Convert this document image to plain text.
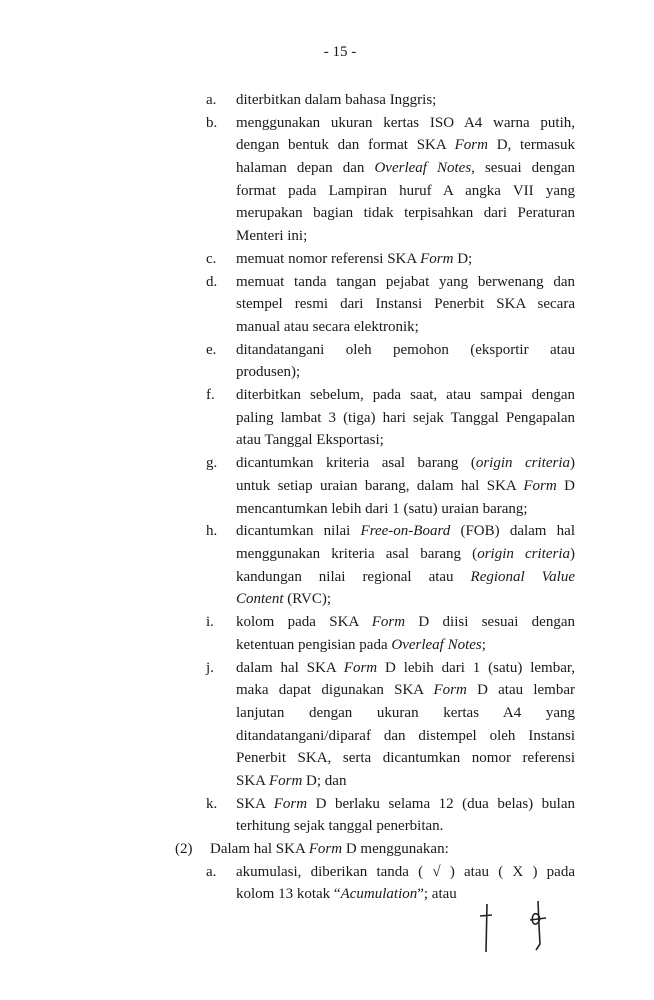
- 15 -
a. diterbitkan dalam bahasa Inggris;
b. menggunakan ukuran kertas ISO A4 warna putih,
dengan bentuk dan format SKA Form D, termasuk
halaman depan dan Overleaf Notes, sesuai dengan
format pada Lampiran huruf A angka VII yang
merupakan bagian tidak terpisahkan dari Peraturan
Menteri ini;
c. memuat nomor referensi SKA Form D;
d. memuat tanda tangan pejabat yang berwenang dan
stempel resmi dari Instansi Penerbit SKA secara
manual atau secara elektronik;
e. ditandatangani oleh pemohon (eksportir atau
produsen);
f. diterbitkan sebelum, pada saat, atau sampai dengan
paling lambat 3 (tiga) hari sejak Tanggal Pengapalan
atau Tanggal Eksportasi;
g. dicantumkan kriteria asal barang (origin criteria)
untuk setiap uraian barang, dalam hal SKA Form D
mencantumkan lebih dari 1 (satu) uraian barang;
h. dicantumkan nilai Free-on-Board (FOB) dalam hal
menggunakan kriteria asal barang (origin criteria)
kandungan nilai regional atau Regional Value
Content (RVC);
i. kolom pada SKA Form D diisi sesuai dengan
ketentuan pengisian pada Overleaf Notes;
j. dalam hal SKA Form D lebih dari 1 (satu) lembar,
maka dapat digunakan SKA Form D atau lembar
lanjutan dengan ukuran kertas A4 yang
ditandatangani/diparaf dan distempel oleh Instansi
Penerbit SKA, serta dicantumkan nomor referensi
SKA Form D; dan
k. SKA Form D berlaku selama 12 (dua belas) bulan
terhitung sejak tanggal penerbitan.
(2) Dalam hal SKA Form D menggunakan:
a. akumulasi, diberikan tanda ( √ ) atau ( X ) pada
kolom 13 kotak “Acumulation”; atau
